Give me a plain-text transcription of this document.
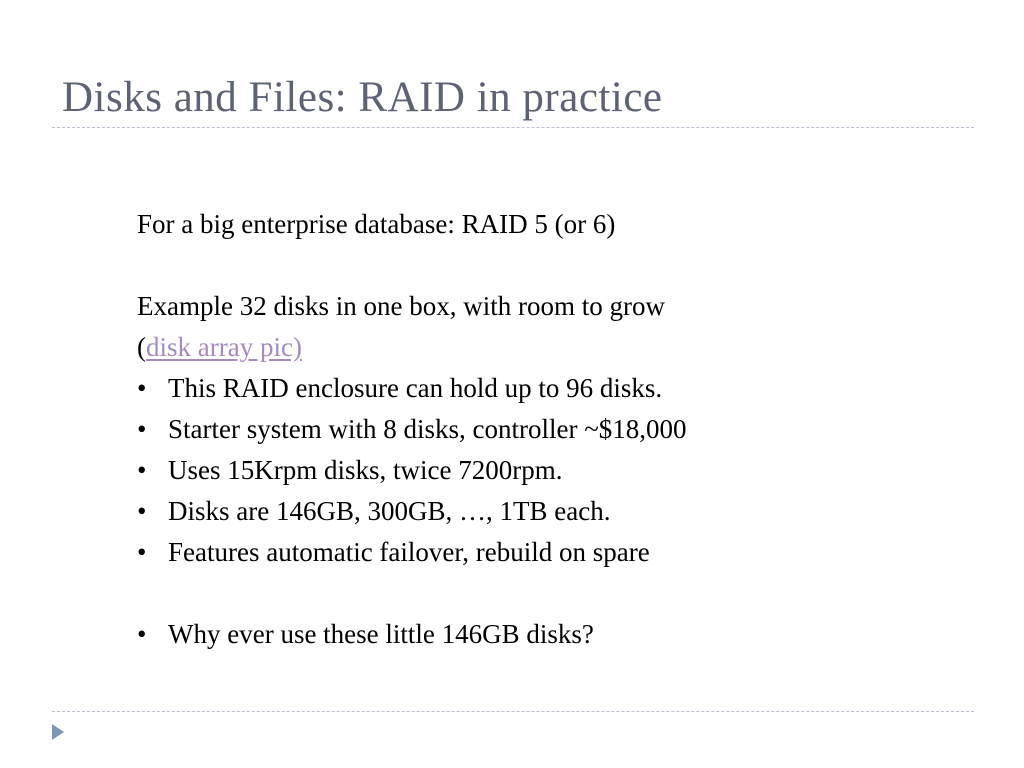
Disks and Files: RAID in practice
For a big enterprise database: RAID 5 (or 6)
Example 32 disks in one box, with room to grow
(disk array pic)
• This RAID enclosure can hold up to 96 disks.
• Starter system with 8 disks, controller ~$18,000
• Uses 15Krpm disks, twice 7200rpm.
• Disks are 146GB, 300GB, …, 1TB each.
• Features automatic failover, rebuild on spare
• Why ever use these little 146GB disks?
